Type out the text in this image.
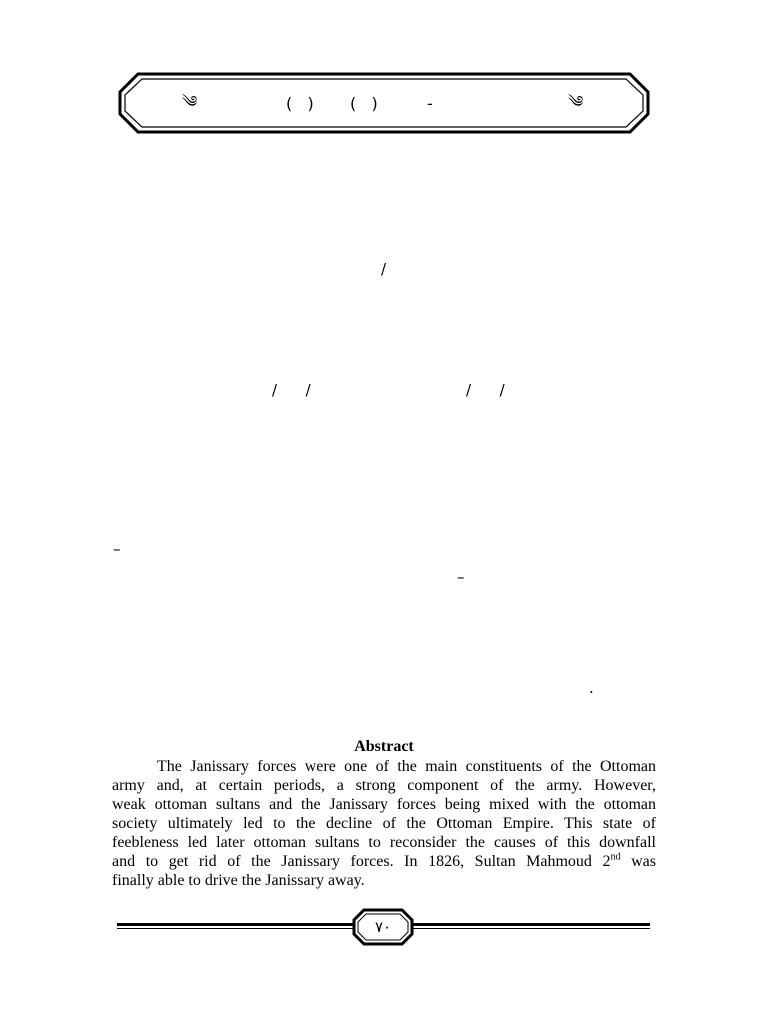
༄	(   ) (   )	-	༄
/
/      /	/      /
–
–
.
Abstract
The Janissary forces were one of the main constituents of the Ottoman
army and, at certain periods, a strong component of the army. However,
weak ottoman sultans and the Janissary forces being mixed with the ottoman
society ultimately led to the decline of the Ottoman Empire. This state of
feebleness led later ottoman sultans to reconsider the causes of this downfall
and to get rid of the Janissary forces. In 1826, Sultan Mahmoud 2nd was
finally able to drive the Janissary away.
٧٠
